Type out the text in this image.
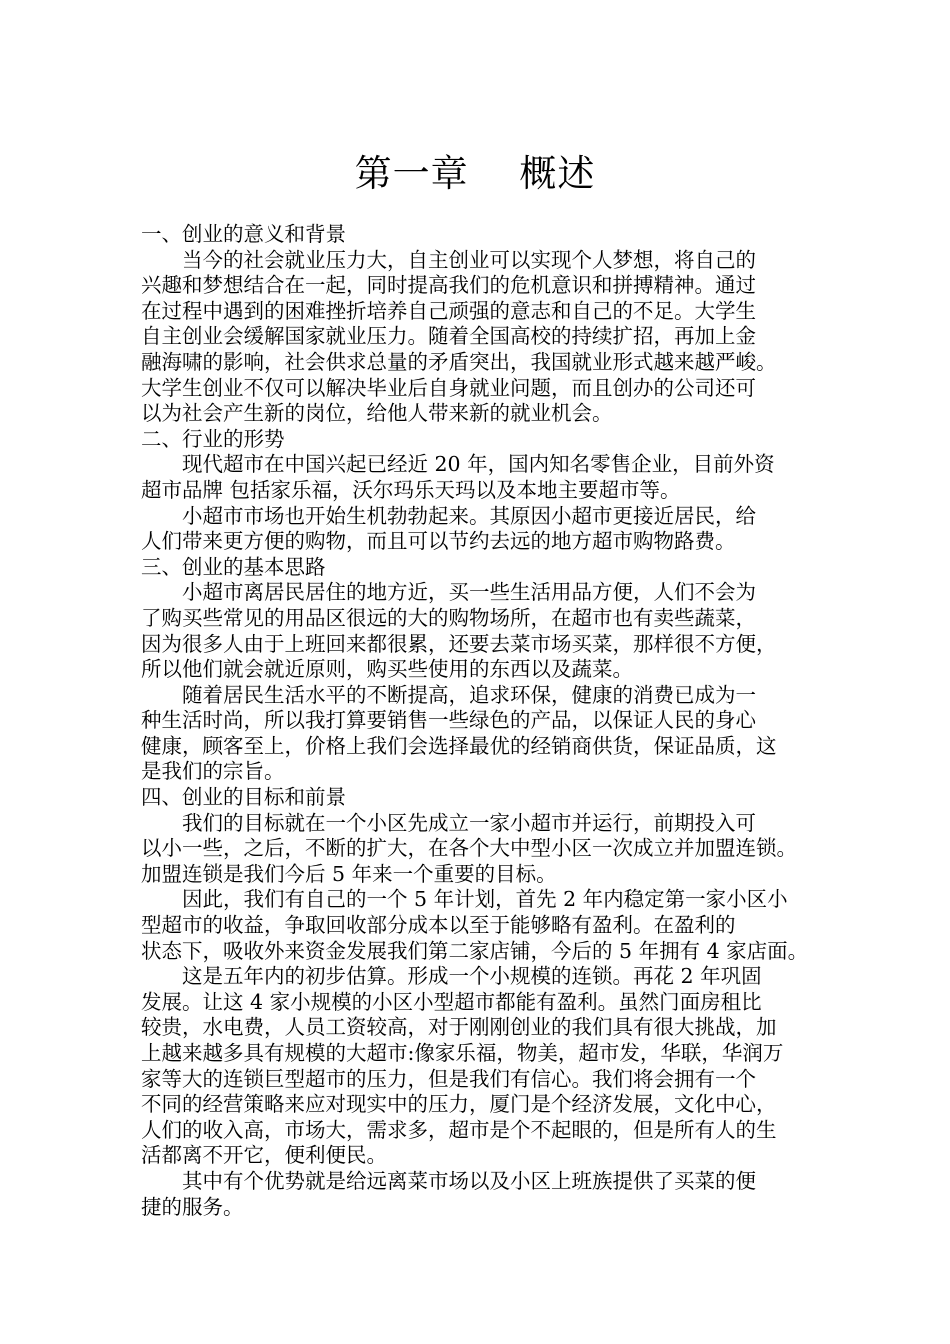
第一章　 概述
一、创业的意义和背景
　　当今的社会就业压力大，自主创业可以实现个人梦想，将自己的
兴趣和梦想结合在一起，同时提高我们的危机意识和拼搏精神。通过
在过程中遇到的困难挫折培养自己顽强的意志和自己的不足。大学生
自主创业会缓解国家就业压力。随着全国高校的持续扩招，再加上金
融海啸的影响，社会供求总量的矛盾突出，我国就业形式越来越严峻。
大学生创业不仅可以解决毕业后自身就业问题，而且创办的公司还可
以为社会产生新的岗位，给他人带来新的就业机会。
二、行业的形势
　　现代超市在中国兴起已经近 20 年，国内知名零售企业，目前外资
超市品牌 包括家乐福，沃尔玛乐天玛以及本地主要超市等。
　　小超市市场也开始生机勃勃起来。其原因小超市更接近居民，给
人们带来更方便的购物，而且可以节约去远的地方超市购物路费。
三、创业的基本思路
　　小超市离居民居住的地方近，买一些生活用品方便，人们不会为
了购买些常见的用品区很远的大的购物场所，在超市也有卖些蔬菜，
因为很多人由于上班回来都很累，还要去菜市场买菜，那样很不方便，
所以他们就会就近原则，购买些使用的东西以及蔬菜。
　　随着居民生活水平的不断提高，追求环保，健康的消费已成为一
种生活时尚，所以我打算要销售一些绿色的产品，以保证人民的身心
健康，顾客至上，价格上我们会选择最优的经销商供货，保证品质，这
是我们的宗旨。
四、创业的目标和前景
　　我们的目标就在一个小区先成立一家小超市并运行，前期投入可
以小一些，之后，不断的扩大，在各个大中型小区一次成立并加盟连锁。
加盟连锁是我们今后 5 年来一个重要的目标。
　　因此，我们有自己的一个 5 年计划，首先 2 年内稳定第一家小区小
型超市的收益，争取回收部分成本以至于能够略有盈利。在盈利的
状态下，吸收外来资金发展我们第二家店铺，今后的 5 年拥有 4 家店面。
　　这是五年内的初步估算。形成一个小规模的连锁。再花 2 年巩固
发展。让这 4 家小规模的小区小型超市都能有盈利。虽然门面房租比
较贵，水电费，人员工资较高，对于刚刚创业的我们具有很大挑战，加
上越来越多具有规模的大超市:像家乐福，物美，超市发，华联，华润万
家等大的连锁巨型超市的压力，但是我们有信心。我们将会拥有一个
不同的经营策略来应对现实中的压力，厦门是个经济发展，文化中心，
人们的收入高，市场大，需求多，超市是个不起眼的，但是所有人的生
活都离不开它，便利便民。
　　其中有个优势就是给远离菜市场以及小区上班族提供了买菜的便
捷的服务。
